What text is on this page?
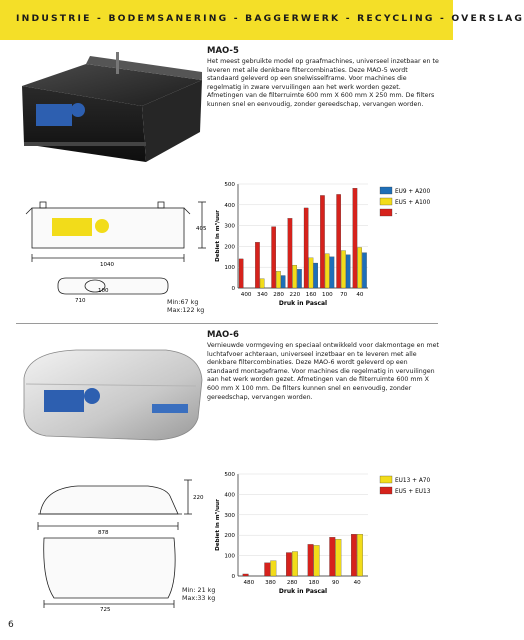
INDUSTRIE - BODEMSANERING - BAGGERWERK - RECYCLING - OVERSLAG
MAO-5
Het meest gebruikte model op graafmachines, universeel inzetbaar en te leveren met alle denkbare filtercombinaties. Deze MAO-5 wordt standaard geleverd op een snelwisselframe. Voor machines die regelmatig in zware vervuilingen aan het werk worden gezet. Afmetingen van de filterruimte 600 mm X 600 mm X 250 mm. De filters kunnen snel en eenvoudig, zonder gereedschap, vervangen worden.
405
1040
100
710	Min:67 kg
Max:122 kg
0
100
200
300
400
500
400 340 280 220 160 100 70 40
Druk in Pascal
Debiet in m³/uur
EU9 + A200
EU5 + A100
-
MAO-6
Vernieuwde vormgeving en speciaal ontwikkeld voor dakmontage en met luchtafvoer achteraan, universeel inzetbaar en te leveren met alle denkbare filtercombinaties. Deze MAO-6 wordt geleverd op een standaard montageframe. Voor machines die regelmatig in vervuilingen aan het werk worden gezet. Afmetingen van de filterruimte 600 mm X 600 mm X 100 mm. De filters kunnen snel en eenvoudig, zonder gereedschap, vervangen worden.
220
878
725
Min: 21 kg
Max:33 kg
0
100
200
300
400
500
480 380 280 180 90	40
Druk in Pascal
Debiet in m³/uur
EU13 + A70
EU5 + EU13
6
